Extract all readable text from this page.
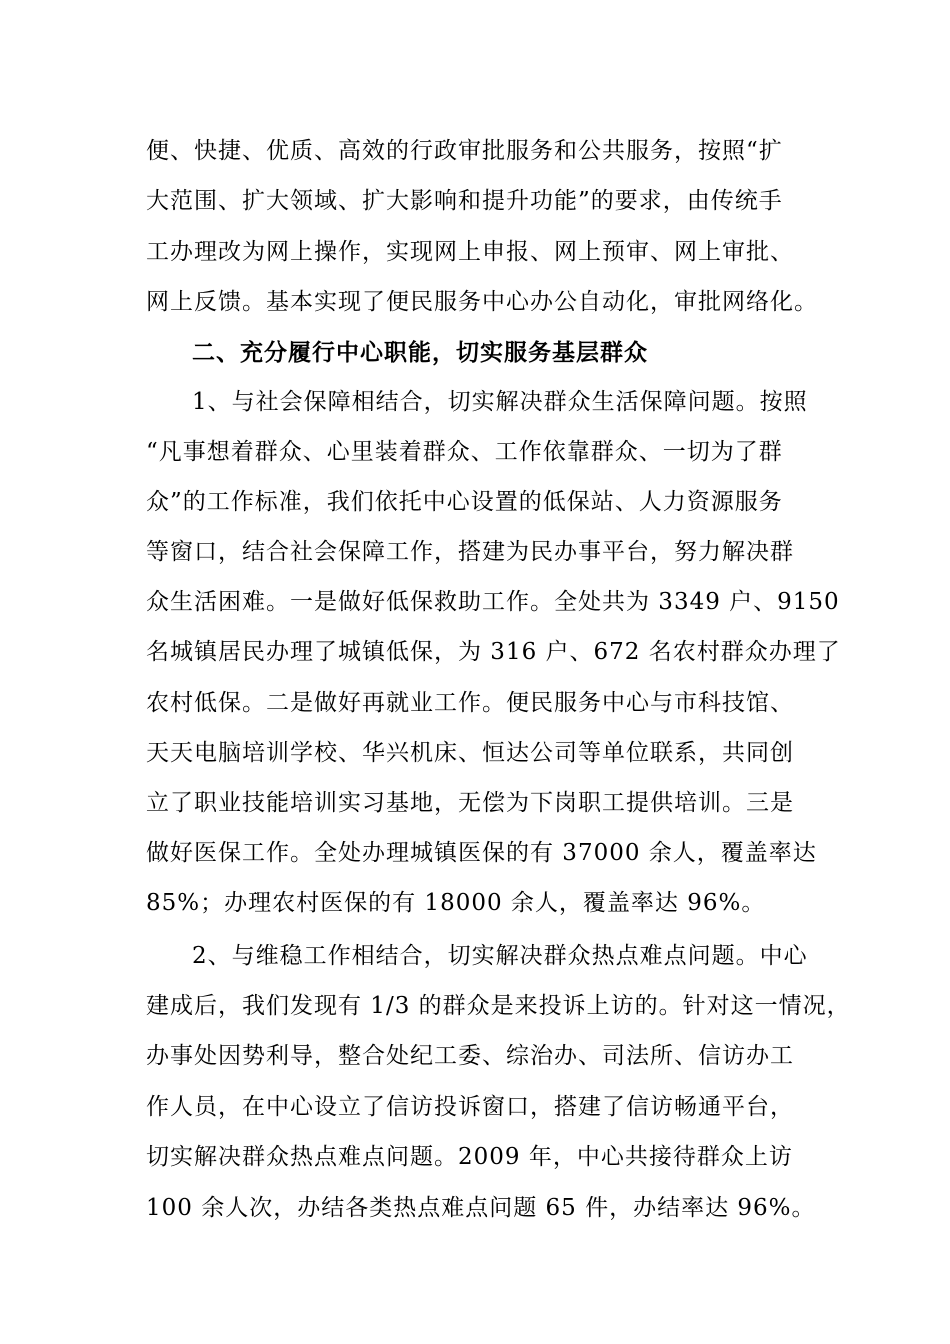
便、快捷、优质、高效的行政审批服务和公共服务，按照“扩
大范围、扩大领域、扩大影响和提升功能”的要求，由传统手
工办理改为网上操作，实现网上申报、网上预审、网上审批、
网上反馈。基本实现了便民服务中心办公自动化，审批网络化。
二、充分履行中心职能，切实服务基层群众
1、与社会保障相结合，切实解决群众生活保障问题。按照
“凡事想着群众、心里装着群众、工作依靠群众、一切为了群
众”的工作标准，我们依托中心设置的低保站、人力资源服务
等窗口，结合社会保障工作，搭建为民办事平台，努力解决群
众生活困难。一是做好低保救助工作。全处共为 3349 户、9150
名城镇居民办理了城镇低保，为 316 户、672 名农村群众办理了
农村低保。二是做好再就业工作。便民服务中心与市科技馆、
天天电脑培训学校、华兴机床、恒达公司等单位联系，共同创
立了职业技能培训实习基地，无偿为下岗职工提供培训。三是
做好医保工作。全处办理城镇医保的有 37000 余人，覆盖率达
85%；办理农村医保的有 18000 余人，覆盖率达 96%。
2、与维稳工作相结合，切实解决群众热点难点问题。中心
建成后，我们发现有 1/3 的群众是来投诉上访的。针对这一情况，
办事处因势利导，整合处纪工委、综治办、司法所、信访办工
作人员，在中心设立了信访投诉窗口，搭建了信访畅通平台，
切实解决群众热点难点问题。2009 年，中心共接待群众上访
100 余人次，办结各类热点难点问题 65 件，办结率达 96%。
